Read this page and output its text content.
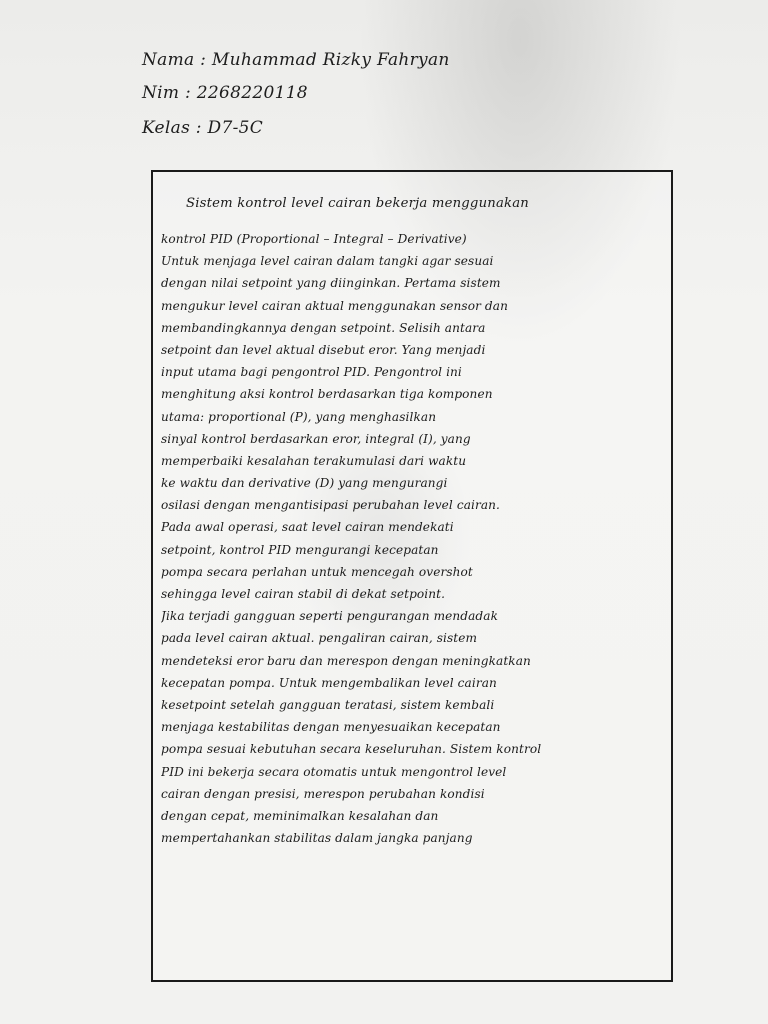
Nama : Muhammad Rizky Fahryan
Nim : 2268220118
Kelas : D7-5C
Sistem kontrol level cairan bekerja menggunakan
kontrol PID (Proportional – Integral – Derivative)
Untuk menjaga level cairan dalam tangki agar sesuai
dengan nilai setpoint yang diinginkan. Pertama sistem
mengukur level cairan aktual menggunakan sensor dan
membandingkannya dengan setpoint. Selisih antara
setpoint dan level aktual disebut eror. Yang menjadi
input utama bagi pengontrol PID. Pengontrol ini
menghitung aksi kontrol berdasarkan tiga komponen
utama: proportional (P), yang menghasilkan
sinyal kontrol berdasarkan eror, integral (I), yang
memperbaiki kesalahan terakumulasi dari waktu
ke waktu dan derivative (D) yang mengurangi
osilasi dengan mengantisipasi perubahan level cairan.
Pada awal operasi, saat level cairan mendekati
setpoint, kontrol PID mengurangi kecepatan
pompa secara perlahan untuk mencegah overshot
sehingga level cairan stabil di dekat setpoint.
Jika terjadi gangguan seperti pengurangan mendadak
pada level cairan aktual. pengaliran cairan, sistem
mendeteksi eror baru dan merespon dengan meningkatkan
kecepatan pompa. Untuk mengembalikan level cairan
kesetpoint setelah gangguan teratasi, sistem kembali
menjaga kestabilitas dengan menyesuaikan kecepatan
pompa sesuai kebutuhan secara keseluruhan. Sistem kontrol
PID ini bekerja secara otomatis untuk mengontrol level
cairan dengan presisi, merespon perubahan kondisi
dengan cepat, meminimalkan kesalahan dan
mempertahankan stabilitas dalam jangka panjang
